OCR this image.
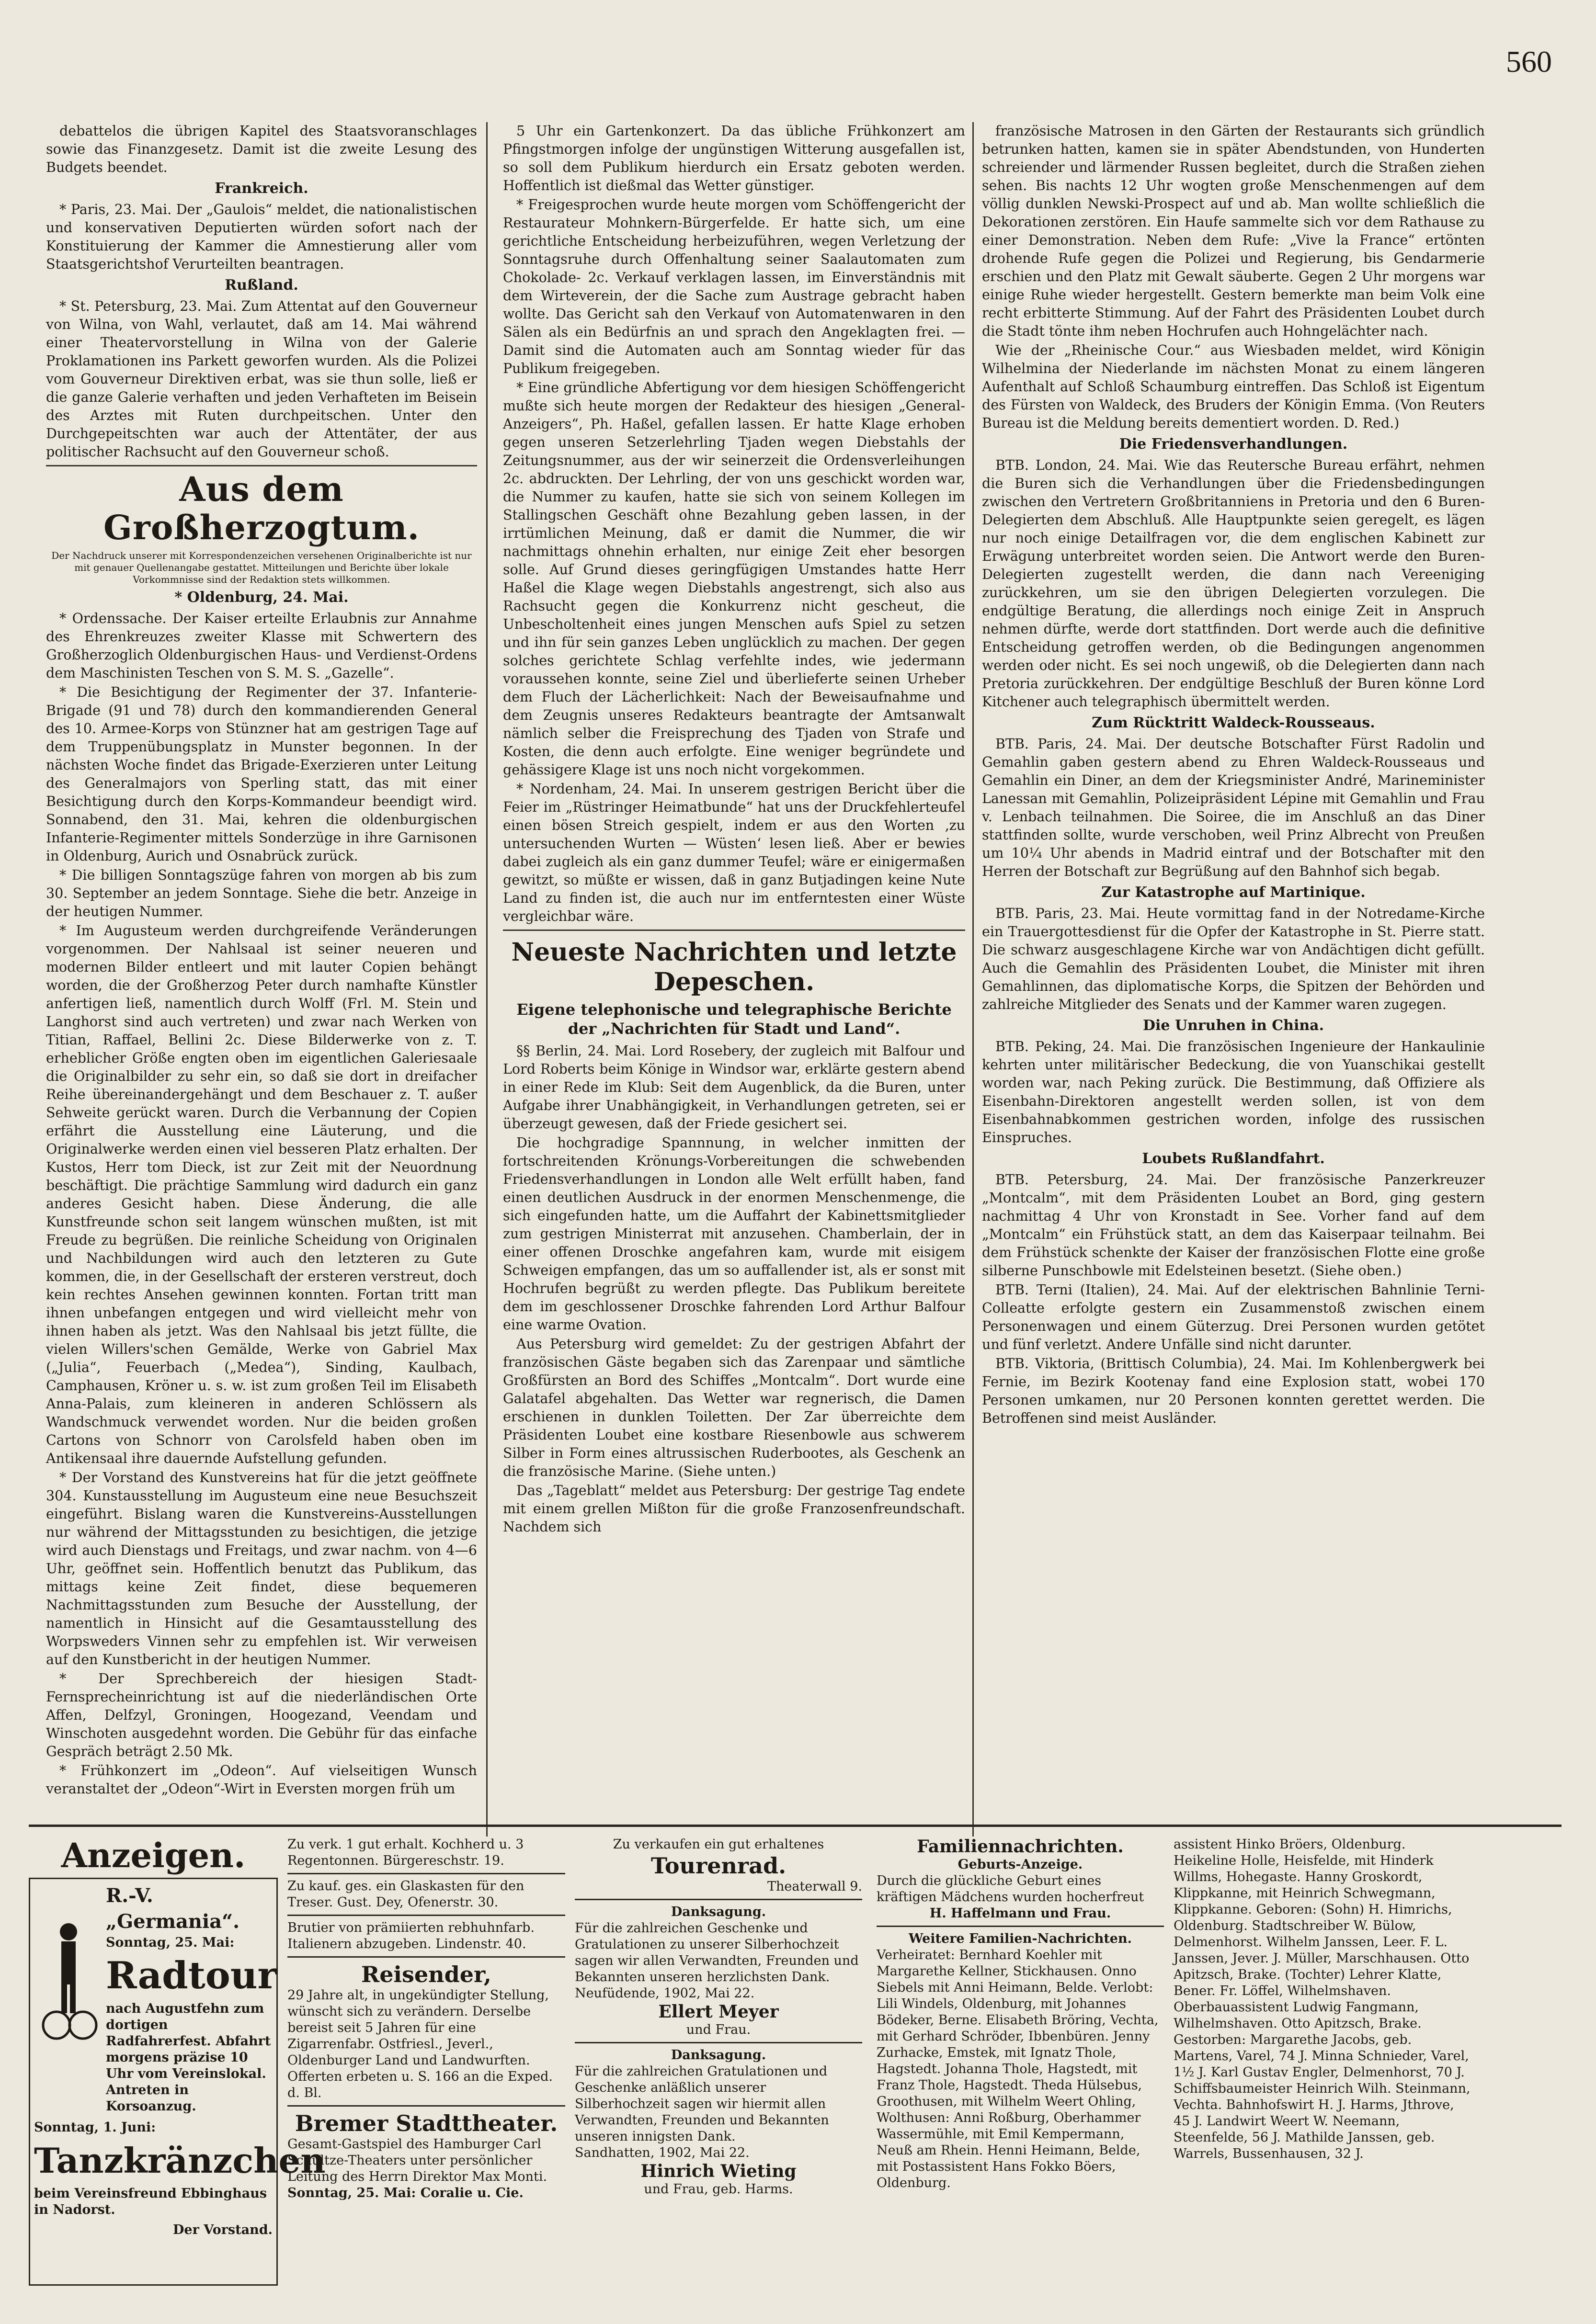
560

debattelos die übrigen Kapitel des Staatsvoranschlages sowie das Finanzgesetz. Damit ist die zweite Lesung des Budgets beendet.

Frankreich.

* Paris, 23. Mai. Der „Gaulois“ meldet, die nationalistischen und konservativen Deputierten würden sofort nach der Konstituierung der Kammer die Amnestierung aller vom Staatsgerichtshof Verurteilten beantragen.

Rußland.

* St. Petersburg, 23. Mai. Zum Attentat auf den Gouverneur von Wilna, von Wahl, verlautet, daß am 14. Mai während einer Theatervorstellung in Wilna von der Galerie Proklamationen ins Parkett geworfen wurden. Als die Polizei vom Gouverneur Direktiven erbat, was sie thun solle, ließ er die ganze Galerie verhaften und jeden Verhafteten im Beisein des Arztes mit Ruten durchpeitschen. Unter den Durchgepeitschten war auch der Attentäter, der aus politischer Rachsucht auf den Gouverneur schoß.

Aus dem Großherzogtum.
Der Nachdruck unserer mit Korrespondenzeichen versehenen Originalberichte ist nur mit genauer Quellenangabe gestattet. Mitteilungen und Berichte über lokale Vorkommnisse sind der Redaktion stets willkommen.
* Oldenburg, 24. Mai.

* Ordenssache. Der Kaiser erteilte Erlaubnis zur Annahme des Ehrenkreuzes zweiter Klasse mit Schwertern des Großherzoglich Oldenburgischen Haus- und Verdienst-Ordens dem Maschinisten Teschen von S. M. S. „Gazelle“.

* Die Besichtigung der Regimenter der 37. Infanterie-Brigade (91 und 78) durch den kommandierenden General des 10. Armee-Korps von Stünzner hat am gestrigen Tage auf dem Truppenübungsplatz in Munster begonnen. In der nächsten Woche findet das Brigade-Exerzieren unter Leitung des Generalmajors von Sperling statt, das mit einer Besichtigung durch den Korps-Kommandeur beendigt wird. Sonnabend, den 31. Mai, kehren die oldenburgischen Infanterie-Regimenter mittels Sonderzüge in ihre Garnisonen in Oldenburg, Aurich und Osnabrück zurück.

* Die billigen Sonntagszüge fahren von morgen ab bis zum 30. September an jedem Sonntage. Siehe die betr. Anzeige in der heutigen Nummer.

* Im Augusteum werden durchgreifende Veränderungen vorgenommen. Der Nahlsaal ist seiner neueren und modernen Bilder entleert und mit lauter Copien behängt worden, die der Großherzog Peter durch namhafte Künstler anfertigen ließ, namentlich durch Wolff (Frl. M. Stein und Langhorst sind auch vertreten) und zwar nach Werken von Titian, Raffael, Bellini 2c. Diese Bilderwerke von z. T. erheblicher Größe engten oben im eigentlichen Galeriesaale die Originalbilder zu sehr ein, so daß sie dort in dreifacher Reihe übereinandergehängt und dem Beschauer z. T. außer Sehweite gerückt waren. Durch die Verbannung der Copien erfährt die Ausstellung eine Läuterung, und die Originalwerke werden einen viel besseren Platz erhalten. Der Kustos, Herr tom Dieck, ist zur Zeit mit der Neuordnung beschäftigt. Die prächtige Sammlung wird dadurch ein ganz anderes Gesicht haben. Diese Änderung, die alle Kunstfreunde schon seit langem wünschen mußten, ist mit Freude zu begrüßen. Die reinliche Scheidung von Originalen und Nachbildungen wird auch den letzteren zu Gute kommen, die, in der Gesellschaft der ersteren verstreut, doch kein rechtes Ansehen gewinnen konnten. Fortan tritt man ihnen unbefangen entgegen und wird vielleicht mehr von ihnen haben als jetzt. Was den Nahlsaal bis jetzt füllte, die vielen Willers'schen Gemälde, Werke von Gabriel Max („Julia“, Feuerbach („Medea“), Sinding, Kaulbach, Camphausen, Kröner u. s. w. ist zum großen Teil im Elisabeth Anna-Palais, zum kleineren in anderen Schlössern als Wandschmuck verwendet worden. Nur die beiden großen Cartons von Schnorr von Carolsfeld haben oben im Antikensaal ihre dauernde Aufstellung gefunden.

* Der Vorstand des Kunstvereins hat für die jetzt geöffnete 304. Kunstausstellung im Augusteum eine neue Besuchszeit eingeführt. Bislang waren die Kunstvereins-Ausstellungen nur während der Mittagsstunden zu besichtigen, die jetzige wird auch Dienstags und Freitags, und zwar nachm. von 4—6 Uhr, geöffnet sein. Hoffentlich benutzt das Publikum, das mittags keine Zeit findet, diese bequemeren Nachmittagsstunden zum Besuche der Ausstellung, der namentlich in Hinsicht auf die Gesamtausstellung des Worpsweders Vinnen sehr zu empfehlen ist. Wir verweisen auf den Kunstbericht in der heutigen Nummer.

* Der Sprechbereich der hiesigen Stadt-Fernsprecheinrichtung ist auf die niederländischen Orte Affen, Delfzyl, Groningen, Hoogezand, Veendam und Winschoten ausgedehnt worden. Die Gebühr für das einfache Gespräch beträgt 2.50 Mk.

* Frühkonzert im „Odeon“. Auf vielseitigen Wunsch veranstaltet der „Odeon“-Wirt in Eversten morgen früh um

5 Uhr ein Gartenkonzert. Da das übliche Frühkonzert am Pfingstmorgen infolge der ungünstigen Witterung ausgefallen ist, so soll dem Publikum hierdurch ein Ersatz geboten werden. Hoffentlich ist dießmal das Wetter günstiger.

* Freigesprochen wurde heute morgen vom Schöffengericht der Restaurateur Mohnkern-Bürgerfelde. Er hatte sich, um eine gerichtliche Entscheidung herbeizuführen, wegen Verletzung der Sonntagsruhe durch Offenhaltung seiner Saalautomaten zum Chokolade- 2c. Verkauf verklagen lassen, im Einverständnis mit dem Wirteverein, der die Sache zum Austrage gebracht haben wollte. Das Gericht sah den Verkauf von Automatenwaren in den Sälen als ein Bedürfnis an und sprach den Angeklagten frei. — Damit sind die Automaten auch am Sonntag wieder für das Publikum freigegeben.

* Eine gründliche Abfertigung vor dem hiesigen Schöffengericht mußte sich heute morgen der Redakteur des hiesigen „General-Anzeigers“, Ph. Haßel, gefallen lassen. Er hatte Klage erhoben gegen unseren Setzerlehrling Tjaden wegen Diebstahls der Zeitungsnummer, aus der wir seinerzeit die Ordensverleihungen 2c. abdruckten. Der Lehrling, der von uns geschickt worden war, die Nummer zu kaufen, hatte sie sich von seinem Kollegen im Stallingschen Geschäft ohne Bezahlung geben lassen, in der irrtümlichen Meinung, daß er damit die Nummer, die wir nachmittags ohnehin erhalten, nur einige Zeit eher besorgen solle. Auf Grund dieses geringfügigen Umstandes hatte Herr Haßel die Klage wegen Diebstahls angestrengt, sich also aus Rachsucht gegen die Konkurrenz nicht gescheut, die Unbescholtenheit eines jungen Menschen aufs Spiel zu setzen und ihn für sein ganzes Leben unglücklich zu machen. Der gegen solches gerichtete Schlag verfehlte indes, wie jedermann voraussehen konnte, seine Ziel und überlieferte seinen Urheber dem Fluch der Lächerlichkeit: Nach der Beweisaufnahme und dem Zeugnis unseres Redakteurs beantragte der Amtsanwalt nämlich selber die Freisprechung des Tjaden von Strafe und Kosten, die denn auch erfolgte. Eine weniger begründete und gehässigere Klage ist uns noch nicht vorgekommen.

* Nordenham, 24. Mai. In unserem gestrigen Bericht über die Feier im „Rüstringer Heimatbunde“ hat uns der Druckfehlerteufel einen bösen Streich gespielt, indem er aus den Worten ‚zu untersuchenden Wurten — Wüsten‘ lesen ließ. Aber er bewies dabei zugleich als ein ganz dummer Teufel; wäre er einigermaßen gewitzt, so müßte er wissen, daß in ganz Butjadingen keine Nute Land zu finden ist, die auch nur im entferntesten einer Wüste vergleichbar wäre.

Neueste Nachrichten und letzte Depeschen.
Eigene telephonische und telegraphische Berichte der „Nachrichten für Stadt und Land“.

§§ Berlin, 24. Mai. Lord Rosebery, der zugleich mit Balfour und Lord Roberts beim Könige in Windsor war, erklärte gestern abend in einer Rede im Klub: Seit dem Augenblick, da die Buren, unter Aufgabe ihrer Unabhängigkeit, in Verhandlungen getreten, sei er überzeugt gewesen, daß der Friede gesichert sei.

Die hochgradige Spannnung, in welcher inmitten der fortschreitenden Krönungs-Vorbereitungen die schwebenden Friedensverhandlungen in London alle Welt erfüllt haben, fand einen deutlichen Ausdruck in der enormen Menschenmenge, die sich eingefunden hatte, um die Auffahrt der Kabinettsmitglieder zum gestrigen Ministerrat mit anzusehen. Chamberlain, der in einer offenen Droschke angefahren kam, wurde mit eisigem Schweigen empfangen, das um so auffallender ist, als er sonst mit Hochrufen begrüßt zu werden pflegte. Das Publikum bereitete dem im geschlossener Droschke fahrenden Lord Arthur Balfour eine warme Ovation.

Aus Petersburg wird gemeldet: Zu der gestrigen Abfahrt der französischen Gäste begaben sich das Zarenpaar und sämtliche Großfürsten an Bord des Schiffes „Montcalm“. Dort wurde eine Galatafel abgehalten. Das Wetter war regnerisch, die Damen erschienen in dunklen Toiletten. Der Zar überreichte dem Präsidenten Loubet eine kostbare Riesenbowle aus schwerem Silber in Form eines altrussischen Ruderbootes, als Geschenk an die französische Marine. (Siehe unten.)

Das „Tageblatt“ meldet aus Petersburg: Der gestrige Tag endete mit einem grellen Mißton für die große Franzosenfreundschaft. Nachdem sich

französische Matrosen in den Gärten der Restaurants sich gründlich betrunken hatten, kamen sie in später Abendstunden, von Hunderten schreiender und lärmender Russen begleitet, durch die Straßen ziehen sehen. Bis nachts 12 Uhr wogten große Menschenmengen auf dem völlig dunklen Newski-Prospect auf und ab. Man wollte schließlich die Dekorationen zerstören. Ein Haufe sammelte sich vor dem Rathause zu einer Demonstration. Neben dem Rufe: „Vive la France“ ertönten drohende Rufe gegen die Polizei und Regierung, bis Gendarmerie erschien und den Platz mit Gewalt säuberte. Gegen 2 Uhr morgens war einige Ruhe wieder hergestellt. Gestern bemerkte man beim Volk eine recht erbitterte Stimmung. Auf der Fahrt des Präsidenten Loubet durch die Stadt tönte ihm neben Hochrufen auch Hohngelächter nach.

Wie der „Rheinische Cour.“ aus Wiesbaden meldet, wird Königin Wilhelmina der Niederlande im nächsten Monat zu einem längeren Aufenthalt auf Schloß Schaumburg eintreffen. Das Schloß ist Eigentum des Fürsten von Waldeck, des Bruders der Königin Emma. (Von Reuters Bureau ist die Meldung bereits dementiert worden. D. Red.)

Die Friedensverhandlungen.

BTB. London, 24. Mai. Wie das Reutersche Bureau erfährt, nehmen die Buren sich die Verhandlungen über die Friedensbedingungen zwischen den Vertretern Großbritanniens in Pretoria und den 6 Buren-Delegierten dem Abschluß. Alle Hauptpunkte seien geregelt, es lägen nur noch einige Detailfragen vor, die dem englischen Kabinett zur Erwägung unterbreitet worden seien. Die Antwort werde den Buren-Delegierten zugestellt werden, die dann nach Vereeniging zurückkehren, um sie den übrigen Delegierten vorzulegen. Die endgültige Beratung, die allerdings noch einige Zeit in Anspruch nehmen dürfte, werde dort stattfinden. Dort werde auch die definitive Entscheidung getroffen werden, ob die Bedingungen angenommen werden oder nicht. Es sei noch ungewiß, ob die Delegierten dann nach Pretoria zurückkehren. Der endgültige Beschluß der Buren könne Lord Kitchener auch telegraphisch übermittelt werden.

Zum Rücktritt Waldeck-Rousseaus.

BTB. Paris, 24. Mai. Der deutsche Botschafter Fürst Radolin und Gemahlin gaben gestern abend zu Ehren Waldeck-Rousseaus und Gemahlin ein Diner, an dem der Kriegsminister André, Marineminister Lanessan mit Gemahlin, Polizeipräsident Lépine mit Gemahlin und Frau v. Lenbach teilnahmen. Die Soiree, die im Anschluß an das Diner stattfinden sollte, wurde verschoben, weil Prinz Albrecht von Preußen um 10¼ Uhr abends in Madrid eintraf und der Botschafter mit den Herren der Botschaft zur Begrüßung auf den Bahnhof sich begab.

Zur Katastrophe auf Martinique.

BTB. Paris, 23. Mai. Heute vormittag fand in der Notredame-Kirche ein Trauergottesdienst für die Opfer der Katastrophe in St. Pierre statt. Die schwarz ausgeschlagene Kirche war von Andächtigen dicht gefüllt. Auch die Gemahlin des Präsidenten Loubet, die Minister mit ihren Gemahlinnen, das diplomatische Korps, die Spitzen der Behörden und zahlreiche Mitglieder des Senats und der Kammer waren zugegen.

Die Unruhen in China.

BTB. Peking, 24. Mai. Die französischen Ingenieure der Hankaulinie kehrten unter militärischer Bedeckung, die von Yuanschikai gestellt worden war, nach Peking zurück. Die Bestimmung, daß Offiziere als Eisenbahn-Direktoren angestellt werden sollen, ist von dem Eisenbahnabkommen gestrichen worden, infolge des russischen Einspruches.

Loubets Rußlandfahrt.

BTB. Petersburg, 24. Mai. Der französische Panzerkreuzer „Montcalm“, mit dem Präsidenten Loubet an Bord, ging gestern nachmittag 4 Uhr von Kronstadt in See. Vorher fand auf dem „Montcalm“ ein Frühstück statt, an dem das Kaiserpaar teilnahm. Bei dem Frühstück schenkte der Kaiser der französischen Flotte eine große silberne Punschbowle mit Edelsteinen besetzt. (Siehe oben.)

BTB. Terni (Italien), 24. Mai. Auf der elektrischen Bahnlinie Terni-Colleatte erfolgte gestern ein Zusammenstoß zwischen einem Personenwagen und einem Güterzug. Drei Personen wurden getötet und fünf verletzt. Andere Unfälle sind nicht darunter.

BTB. Viktoria, (Brittisch Columbia), 24. Mai. Im Kohlenbergwerk bei Fernie, im Bezirk Kootenay fand eine Explosion statt, wobei 170 Personen umkamen, nur 20 Personen konnten gerettet werden. Die Betroffenen sind meist Ausländer.

Anzeigen.
R.-V. „Germania“.
Sonntag, 25. Mai:
Radtour
nach Augustfehn zum dortigen Radfahrerfest. Abfahrt morgens präzise 10 Uhr vom Vereinslokal. Antreten in Korsoanzug.
Sonntag, 1. Juni:
Tanzkränzchen
beim Vereinsfreund Ebbinghaus in Nadorst.
Der Vorstand.
Zu verk. 1 gut erhalt. Kochherd u. 3 Regentonnen. Bürgereschstr. 19.
Zu kauf. ges. ein Glaskasten für den Treser. Gust. Dey, Ofenerstr. 30.
Brutier von prämiierten rebhuhnfarb. Italienern abzugeben. Lindenstr. 40.
Reisender,
29 Jahre alt, in ungekündigter Stellung, wünscht sich zu verändern. Derselbe bereist seit 5 Jahren für eine Zigarrenfabr. Ostfriesl., Jeverl., Oldenburger Land und Landwurften. Offerten erbeten u. S. 166 an die Exped. d. Bl.
Bremer Stadttheater.
Gesamt-Gastspiel des Hamburger Carl Schultze-Theaters unter persönlicher Leitung des Herrn Direktor Max Monti.
Sonntag, 25. Mai: Coralie u. Cie.
Zu verkaufen ein gut erhaltenes
Tourenrad.
Theaterwall 9.
Danksagung.
Für die zahlreichen Geschenke und Gratulationen zu unserer Silberhochzeit sagen wir allen Verwandten, Freunden und Bekannten unseren herzlichsten Dank.
Neufüdende, 1902, Mai 22.
Ellert Meyer
und Frau.
Danksagung.
Für die zahlreichen Gratulationen und Geschenke anläßlich unserer Silberhochzeit sagen wir hiermit allen Verwandten, Freunden und Bekannten unseren innigsten Dank.
Sandhatten, 1902, Mai 22.
Hinrich Wieting
und Frau, geb. Harms.
Familiennachrichten.
Geburts-Anzeige.
Durch die glückliche Geburt eines kräftigen Mädchens wurden hocherfreut
H. Haffelmann und Frau.
Weitere Familien-Nachrichten.
Verheiratet: Bernhard Koehler mit Margarethe Kellner, Stickhausen. Onno Siebels mit Anni Heimann, Belde. Verlobt: Lili Windels, Oldenburg, mit Johannes Bödeker, Berne. Elisabeth Bröring, Vechta, mit Gerhard Schröder, Ibbenbüren. Jenny Zurhacke, Emstek, mit Ignatz Thole, Hagstedt. Johanna Thole, Hagstedt, mit Franz Thole, Hagstedt. Theda Hülsebus, Groothusen, mit Wilhelm Weert Ohling, Wolthusen: Anni Roßburg, Oberhammer Wassermühle, mit Emil Kempermann, Neuß am Rhein. Henni Heimann, Belde, mit Postassistent Hans Fokko Böers, Oldenburg.
assistent Hinko Bröers, Oldenburg. Heikeline Holle, Heisfelde, mit Hinderk Willms, Hohegaste. Hanny Groskordt, Klippkanne, mit Heinrich Schwegmann, Klippkanne. Geboren: (Sohn) H. Himrichs, Oldenburg. Stadtschreiber W. Bülow, Delmenhorst. Wilhelm Janssen, Leer. F. L. Janssen, Jever. J. Müller, Marschhausen. Otto Apitzsch, Brake. (Tochter) Lehrer Klatte, Bener. Fr. Löffel, Wilhelmshaven. Oberbauassistent Ludwig Fangmann, Wilhelmshaven. Otto Apitzsch, Brake. Gestorben: Margarethe Jacobs, geb. Martens, Varel, 74 J. Minna Schnieder, Varel, 1½ J. Karl Gustav Engler, Delmenhorst, 70 J. Schiffsbaumeister Heinrich Wilh. Steinmann, Vechta. Bahnhofswirt H. J. Harms, Jthrove, 45 J. Landwirt Weert W. Neemann, Steenfelde, 56 J. Mathilde Janssen, geb. Warrels, Bussenhausen, 32 J.
